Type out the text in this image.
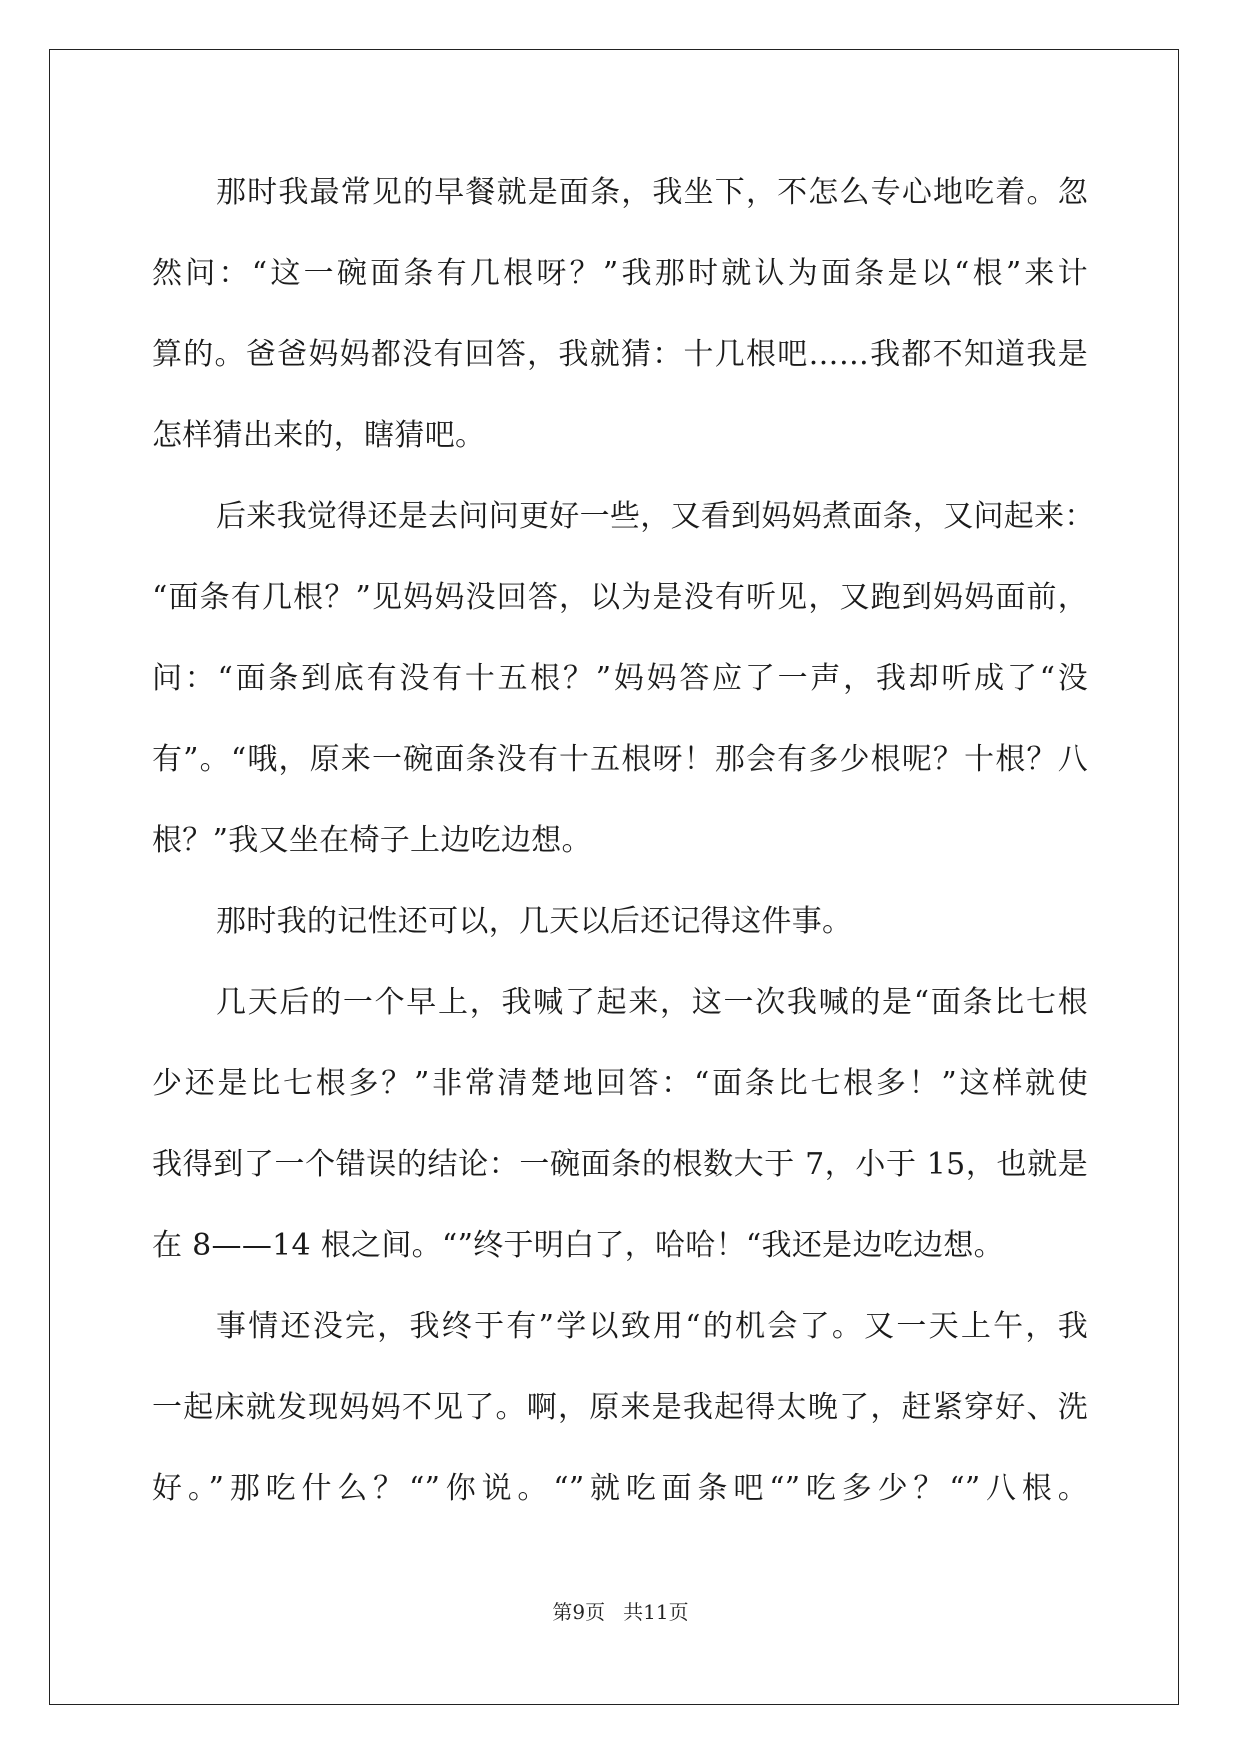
那时我最常见的早餐就是面条，我坐下，不怎么专心地吃着。忽
然问：“这一碗面条有几根呀？”我那时就认为面条是以“根”来计
算的。爸爸妈妈都没有回答，我就猜：十几根吧……我都不知道我是
怎样猜出来的，瞎猜吧。
后来我觉得还是去问问更好一些，又看到妈妈煮面条，又问起来：
“面条有几根？”见妈妈没回答，以为是没有听见，又跑到妈妈面前，
问：“面条到底有没有十五根？”妈妈答应了一声，我却听成了“没
有”。“哦，原来一碗面条没有十五根呀！那会有多少根呢？十根？八
根？”我又坐在椅子上边吃边想。
那时我的记性还可以，几天以后还记得这件事。
几天后的一个早上，我喊了起来，这一次我喊的是“面条比七根
少还是比七根多？”非常清楚地回答：“面条比七根多！”这样就使
我得到了一个错误的结论：一碗面条的根数大于 7，小于 15，也就是
在 8——14 根之间。“”终于明白了，哈哈！“我还是边吃边想。
事情还没完，我终于有”学以致用“的机会了。又一天上午，我
一起床就发现妈妈不见了。啊，原来是我起得太晚了，赶紧穿好、洗
好。”那吃什么？“”你说。“”就吃面条吧“”吃多少？“”八根。
第9页 共11页
